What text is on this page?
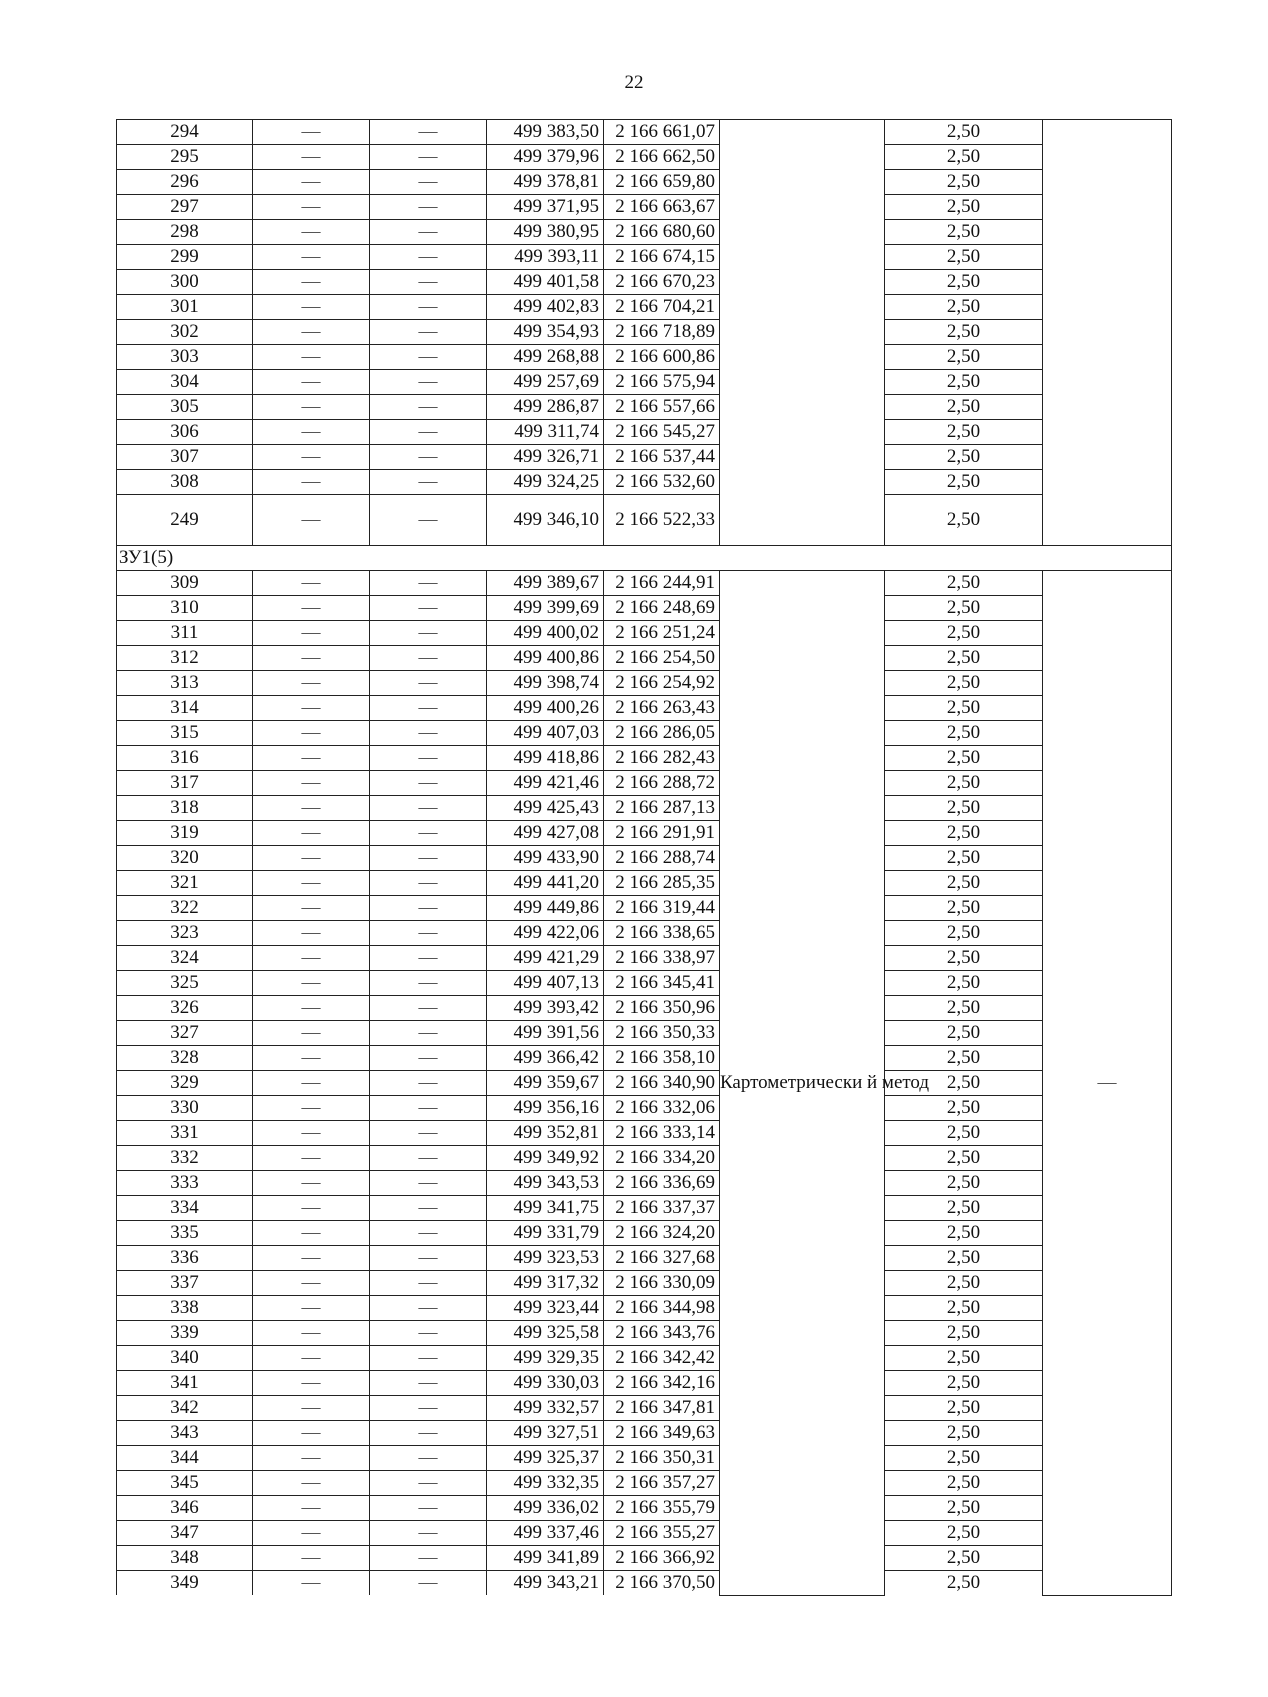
22
294	—	—	499 383,50	2 166 661,07		2,50	
295	—	—	499 379,96	2 166 662,50		2,50	
296	—	—	499 378,81	2 166 659,80		2,50	
297	—	—	499 371,95	2 166 663,67		2,50	
298	—	—	499 380,95	2 166 680,60		2,50	
299	—	—	499 393,11	2 166 674,15		2,50	
300	—	—	499 401,58	2 166 670,23		2,50	
301	—	—	499 402,83	2 166 704,21		2,50	
302	—	—	499 354,93	2 166 718,89		2,50	
303	—	—	499 268,88	2 166 600,86		2,50	
304	—	—	499 257,69	2 166 575,94		2,50	
305	—	—	499 286,87	2 166 557,66		2,50	
306	—	—	499 311,74	2 166 545,27		2,50	
307	—	—	499 326,71	2 166 537,44		2,50	
308	—	—	499 324,25	2 166 532,60		2,50	
249	—	—	499 346,10	2 166 522,33		2,50	
ЗУ1(5)							
309	—	—	499 389,67	2 166 244,91	Картометрически й метод	2,50	—
310	—	—	499 399,69	2 166 248,69		2,50	
311	—	—	499 400,02	2 166 251,24		2,50	
312	—	—	499 400,86	2 166 254,50		2,50	
313	—	—	499 398,74	2 166 254,92		2,50	
314	—	—	499 400,26	2 166 263,43		2,50	
315	—	—	499 407,03	2 166 286,05		2,50	
316	—	—	499 418,86	2 166 282,43		2,50	
317	—	—	499 421,46	2 166 288,72		2,50	
318	—	—	499 425,43	2 166 287,13		2,50	
319	—	—	499 427,08	2 166 291,91		2,50	
320	—	—	499 433,90	2 166 288,74		2,50	
321	—	—	499 441,20	2 166 285,35		2,50	
322	—	—	499 449,86	2 166 319,44		2,50	
323	—	—	499 422,06	2 166 338,65		2,50	
324	—	—	499 421,29	2 166 338,97		2,50	
325	—	—	499 407,13	2 166 345,41		2,50	
326	—	—	499 393,42	2 166 350,96		2,50	
327	—	—	499 391,56	2 166 350,33		2,50	
328	—	—	499 366,42	2 166 358,10		2,50	
329	—	—	499 359,67	2 166 340,90		2,50	
330	—	—	499 356,16	2 166 332,06		2,50	
331	—	—	499 352,81	2 166 333,14		2,50	
332	—	—	499 349,92	2 166 334,20		2,50	
333	—	—	499 343,53	2 166 336,69		2,50	
334	—	—	499 341,75	2 166 337,37		2,50	
335	—	—	499 331,79	2 166 324,20		2,50	
336	—	—	499 323,53	2 166 327,68		2,50	
337	—	—	499 317,32	2 166 330,09		2,50	
338	—	—	499 323,44	2 166 344,98		2,50	
339	—	—	499 325,58	2 166 343,76		2,50	
340	—	—	499 329,35	2 166 342,42		2,50	
341	—	—	499 330,03	2 166 342,16		2,50	
342	—	—	499 332,57	2 166 347,81		2,50	
343	—	—	499 327,51	2 166 349,63		2,50	
344	—	—	499 325,37	2 166 350,31		2,50	
345	—	—	499 332,35	2 166 357,27		2,50	
346	—	—	499 336,02	2 166 355,79		2,50	
347	—	—	499 337,46	2 166 355,27		2,50	
348	—	—	499 341,89	2 166 366,92		2,50	
349	—	—	499 343,21	2 166 370,50		2,50	
